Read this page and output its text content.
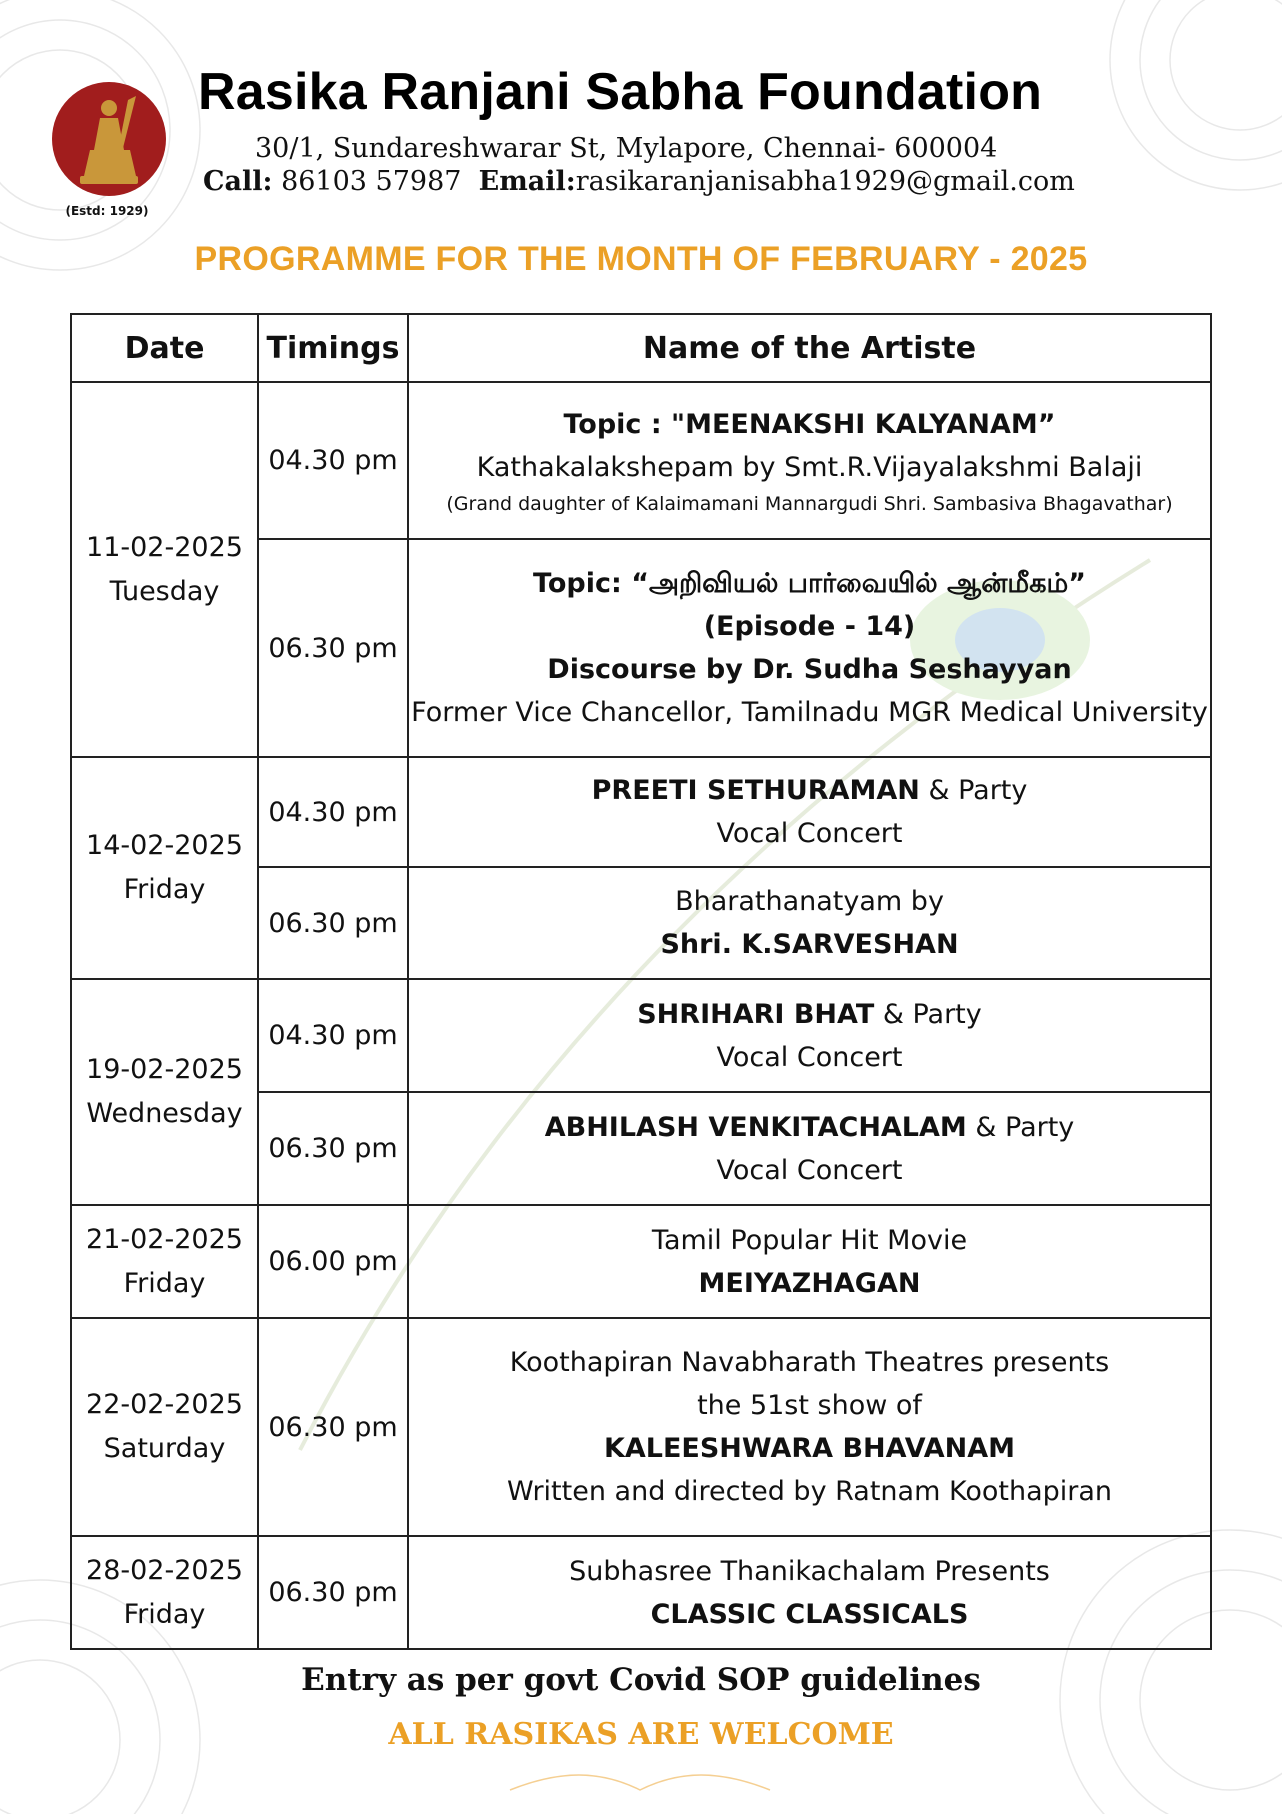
(Estd: 1929)
Rasika Ranjani Sabha Foundation
30/1, Sundareshwarar St, Mylapore, Chennai- 600004
Call: 86103 57987 Email:rasikaranjanisabha1929@gmail.com
PROGRAMME FOR THE MONTH OF FEBRUARY - 2025
Date	Timings	Name of the Artiste

11-02-2025
Tuesday	04.30 pm	Topic : "MEENAKSHI KALYANAM”
Kathakalakshepam by Smt.R.Vijayalakshmi Balaji
(Grand daughter of Kalaimamani Mannargudi Shri. Sambasiva Bhagavathar)

	06.30 pm	Topic: “அறிவியல் பார்வையில் ஆன்மீகம்”
(Episode - 14)
Discourse by Dr. Sudha Seshayyan
Former Vice Chancellor, Tamilnadu MGR Medical University

14-02-2025
Friday	04.30 pm	PREETI SETHURAMAN & Party
Vocal Concert

	06.30 pm	Bharathanatyam by
Shri. K.SARVESHAN

19-02-2025
Wednesday	04.30 pm	SHRIHARI BHAT & Party
Vocal Concert

	06.30 pm	ABHILASH VENKITACHALAM & Party
Vocal Concert

21-02-2025
Friday	06.00 pm	Tamil Popular Hit Movie
MEIYAZHAGAN

22-02-2025
Saturday	06.30 pm	Koothapiran Navabharath Theatres presents
the 51st show of
KALEESHWARA BHAVANAM
Written and directed by Ratnam Koothapiran

28-02-2025
Friday	06.30 pm	Subhasree Thanikachalam Presents
CLASSIC CLASSICALS
Entry as per govt Covid SOP guidelines
ALL RASIKAS ARE WELCOME
